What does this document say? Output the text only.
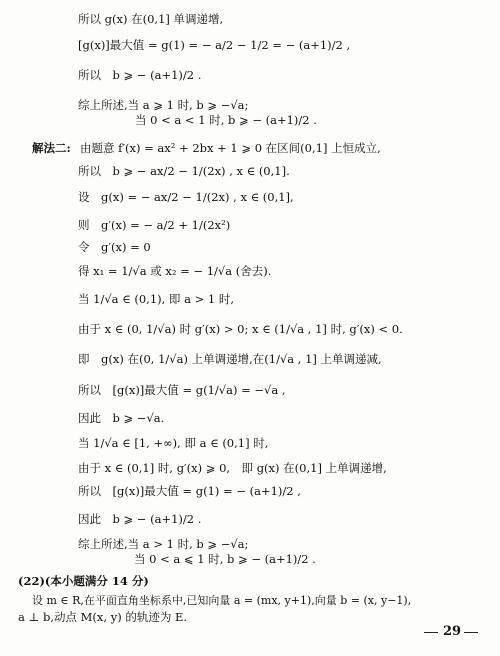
所以 g(x) 在(0,1] 单调递增,
[g(x)]最大值 = g(1) = − a/2 − 1/2 = − (a+1)/2 ,
所以　b ⩾ − (a+1)/2 .
综上所述,当 a ⩾ 1 时, b ⩾ −√a;
当 0 < a < 1 时, b ⩾ − (a+1)/2 .
解法二: 由题意 f′(x) = ax² + 2bx + 1 ⩾ 0 在区间(0,1] 上恒成立,
所以　b ⩾ − ax/2 − 1/(2x) , x ∈ (0,1].
设　g(x) = − ax/2 − 1/(2x) , x ∈ (0,1],
则　g′(x) = − a/2 + 1/(2x²)
令　g′(x) = 0
得 x₁ = 1/√a 或 x₂ = − 1/√a (舍去).
当 1/√a ∈ (0,1), 即 a > 1 时,
由于 x ∈ (0, 1/√a) 时 g′(x) > 0; x ∈ (1/√a , 1] 时, g′(x) < 0.
即　g(x) 在(0, 1/√a) 上单调递增,在(1/√a , 1] 上单调递减,
所以　[g(x)]最大值 = g(1/√a) = −√a ,
因此　b ⩾ −√a.
当 1/√a ∈ [1, +∞), 即 a ∈ (0,1] 时,
由于 x ∈ (0,1] 时, g′(x) ⩾ 0,　即 g(x) 在(0,1] 上单调递增,
所以　[g(x)]最大值 = g(1) = − (a+1)/2 ,
因此　b ⩾ − (a+1)/2 .
综上所述,当 a > 1 时, b ⩾ −√a;
当 0 < a ⩽ 1 时, b ⩾ − (a+1)/2 .
(22)(本小题满分 14 分)
设 m ∈ R,在平面直角坐标系中,已知向量 a = (mx, y+1),向量 b = (x, y−1),
a ⊥ b,动点 M(x, y) 的轨迹为 E.
29
